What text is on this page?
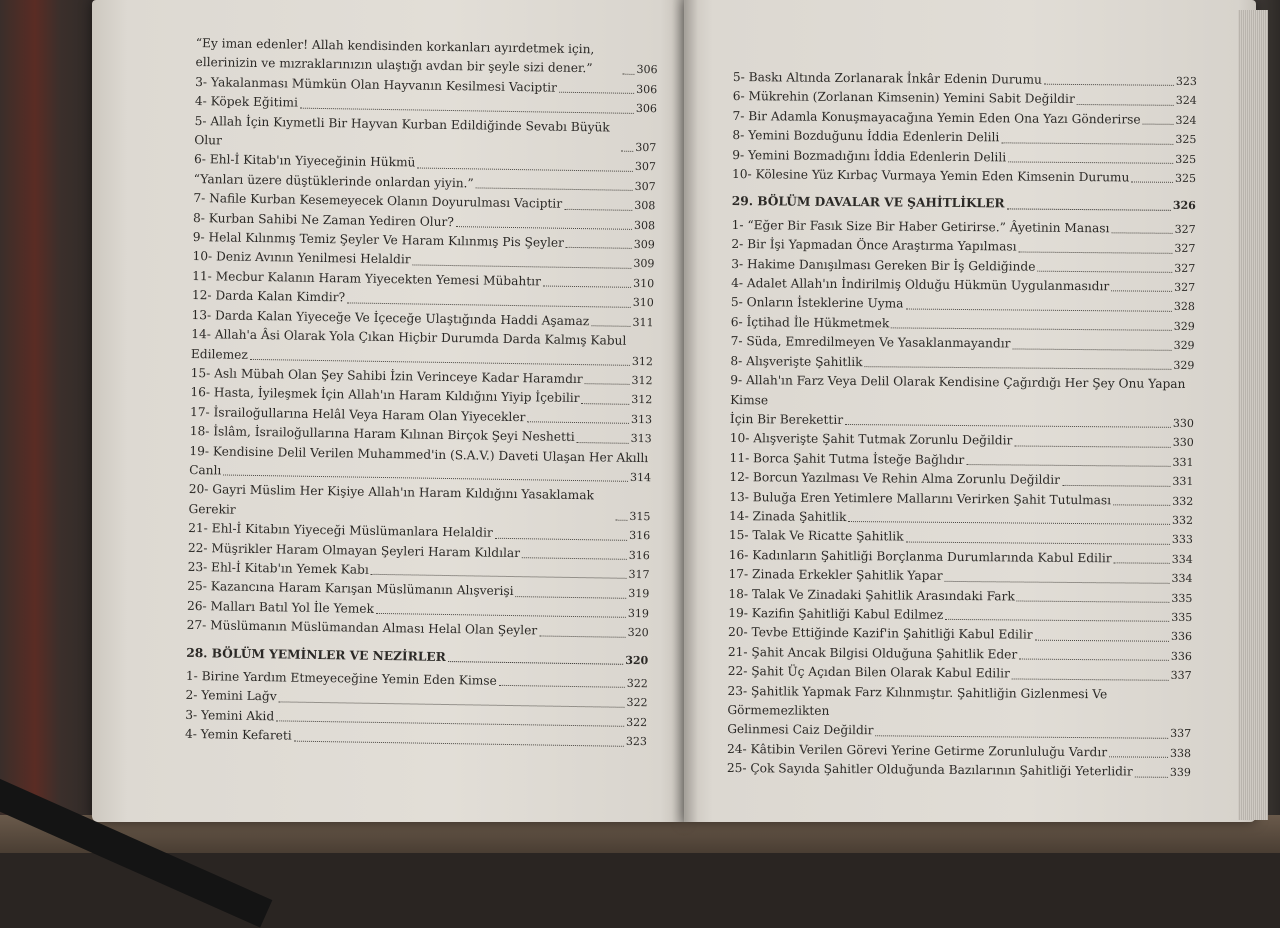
“Ey iman edenler! Allah kendisinden korkanları ayırdetmek için, ellerinizin ve mızraklarınızın ulaştığı avdan bir şeyle sizi dener.”	306
3- Yakalanması Mümkün Olan Hayvanın Kesilmesi Vaciptir	306
4- Köpek Eğitimi	306
5- Allah İçin Kıymetli Bir Hayvan Kurban Edildiğinde Sevabı Büyük Olur
307
6- Ehl-İ Kitab'ın Yiyeceğinin Hükmü	307
“Yanları üzere düştüklerinde onlardan yiyin.”	307
7- Nafile Kurban Kesemeyecek Olanın Doyurulması Vaciptir	308
8- Kurban Sahibi Ne Zaman Yediren Olur?	308
9- Helal Kılınmış Temiz Şeyler Ve Haram Kılınmış Pis Şeyler	309
10- Deniz Avının Yenilmesi Helaldir	309
11- Mecbur Kalanın Haram Yiyecekten Yemesi Mübahtır	310
12- Darda Kalan Kimdir?	310
13- Darda Kalan Yiyeceğe Ve İçeceğe Ulaştığında Haddi Aşamaz	311
14- Allah'a Âsi Olarak Yola Çıkan Hiçbir Durumda Darda Kalmış Kabul
Edilemez	312
15- Aslı Mübah Olan Şey Sahibi İzin Verinceye Kadar Haramdır	312
16- Hasta, İyileşmek İçin Allah'ın Haram Kıldığını Yiyip İçebilir	312
17- İsrailoğullarına Helâl Veya Haram Olan Yiyecekler	313
18- İslâm, İsrailoğullarına Haram Kılınan Birçok Şeyi Neshetti	313
19- Kendisine Delil Verilen Muhammed'in (S.A.V.) Daveti Ulaşan Her Akıllı
Canlı
314
20- Gayri Müslim Her Kişiye Allah'ın Haram Kıldığını Yasaklamak Gerekir	315
21- Ehl-İ Kitabın Yiyeceği Müslümanlara Helaldir	316
22- Müşrikler Haram Olmayan Şeyleri Haram Kıldılar	316
23- Ehl-İ Kitab'ın Yemek Kabı	317
25- Kazancına Haram Karışan Müslümanın Alışverişi	319
26- Malları Batıl Yol İle Yemek	319
27- Müslümanın Müslümandan Alması Helal Olan Şeyler	320
28. BÖLÜM YEMİNLER VE NEZİRLER	320
1- Birine Yardım Etmeyeceğine Yemin Eden Kimse	322
2- Yemini Lağv	322
3- Yemini Akid	322
4- Yemin Kefareti	323
5- Baskı Altında Zorlanarak İnkâr Edenin Durumu	323
6- Mükrehin (Zorlanan Kimsenin) Yemini Sabit Değildir	324
7- Bir Adamla Konuşmayacağına Yemin Eden Ona Yazı Gönderirse	324
8- Yemini Bozduğunu İddia Edenlerin Delili	325
9- Yemini Bozmadığını İddia Edenlerin Delili	325
10- Kölesine Yüz Kırbaç Vurmaya Yemin Eden Kimsenin Durumu	325
29. BÖLÜM DAVALAR VE ŞAHİTLİKLER	326
1- “Eğer Bir Fasık Size Bir Haber Getirirse.” Âyetinin Manası	327
2- Bir İşi Yapmadan Önce Araştırma Yapılması	327
3- Hakime Danışılması Gereken Bir İş Geldiğinde	327
4- Adalet Allah'ın İndirilmiş Olduğu Hükmün Uygulanmasıdır	327
5- Onların İsteklerine Uyma	328
6- İçtihad İle Hükmetmek	329
7- Süda, Emredilmeyen Ve Yasaklanmayandır	329
8- Alışverişte Şahitlik	329
9- Allah'ın Farz Veya Delil Olarak Kendisine Çağırdığı Her Şey Onu Yapan Kimse
İçin Bir Berekettir	330
10- Alışverişte Şahit Tutmak Zorunlu Değildir	330
11- Borca Şahit Tutma İsteğe Bağlıdır	331
12- Borcun Yazılması Ve Rehin Alma Zorunlu Değildir	331
13- Buluğa Eren Yetimlere Mallarını Verirken Şahit Tutulması	332
14- Zinada Şahitlik	332
15- Talak Ve Ricatte Şahitlik	333
16- Kadınların Şahitliği Borçlanma Durumlarında Kabul Edilir	334
17- Zinada Erkekler Şahitlik Yapar	334
18- Talak Ve Zinadaki Şahitlik Arasındaki Fark	335
19- Kazifin Şahitliği Kabul Edilmez	335
20- Tevbe Ettiğinde Kazif'in Şahitliği Kabul Edilir	336
21- Şahit Ancak Bilgisi Olduğuna Şahitlik Eder	336
22- Şahit Üç Açıdan Bilen Olarak Kabul Edilir	337
23- Şahitlik Yapmak Farz Kılınmıştır. Şahitliğin Gizlenmesi Ve Görmemezlikten
Gelinmesi Caiz Değildir	337
24- Kâtibin Verilen Görevi Yerine Getirme Zorunluluğu Vardır	338
25- Çok Sayıda Şahitler Olduğunda Bazılarının Şahitliği Yeterlidir	339
